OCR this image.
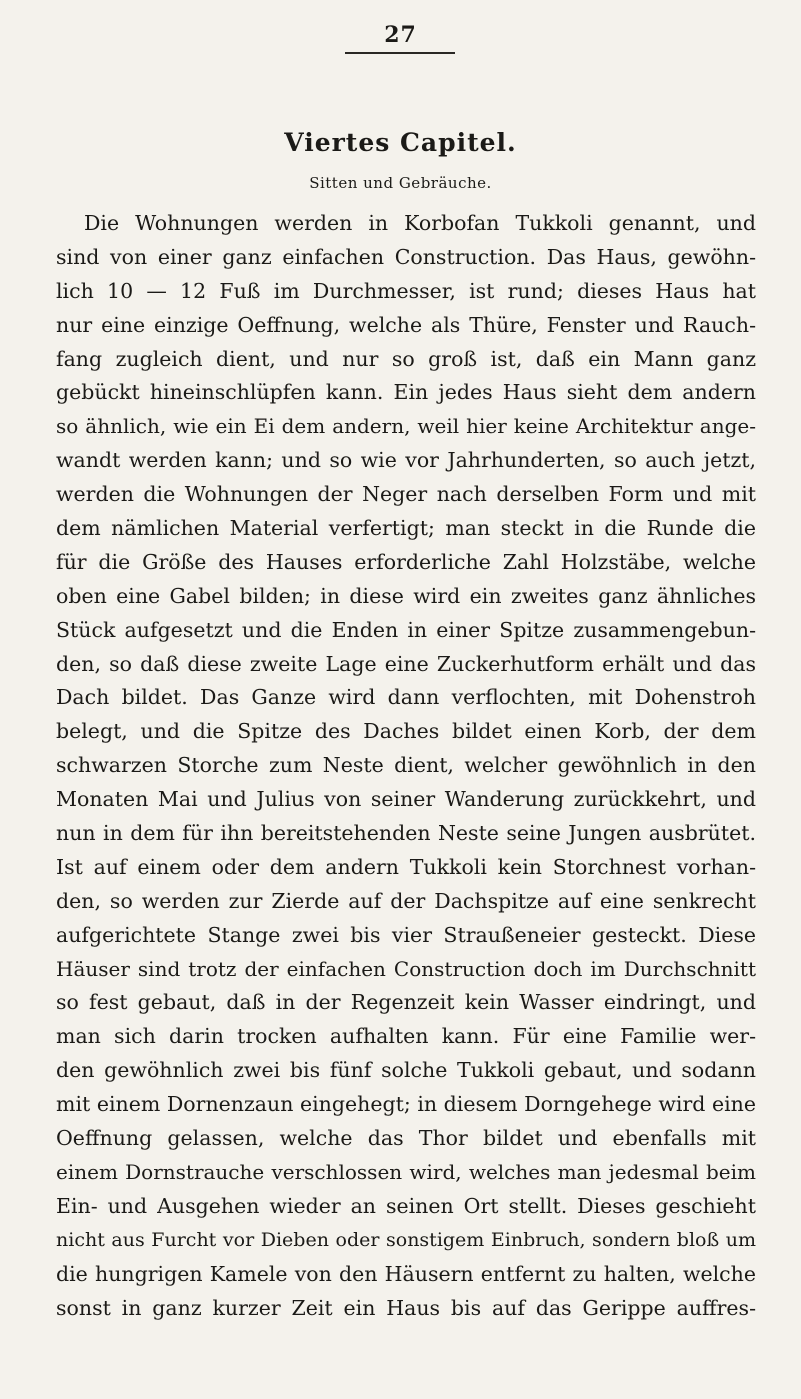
27
Viertes Capitel.
Sitten und Gebräuche.
Die Wohnungen werden in Korbofan Tukkoli genannt, und
sind von einer ganz einfachen Construction. Das Haus, gewöhn-
lich 10 — 12 Fuß im Durchmesser, ist rund; dieses Haus hat
nur eine einzige Oeffnung, welche als Thüre, Fenster und Rauch-
fang zugleich dient, und nur so groß ist, daß ein Mann ganz
gebückt hineinschlüpfen kann. Ein jedes Haus sieht dem andern
so ähnlich, wie ein Ei dem andern, weil hier keine Architektur ange-
wandt werden kann; und so wie vor Jahrhunderten, so auch jetzt,
werden die Wohnungen der Neger nach derselben Form und mit
dem nämlichen Material verfertigt; man steckt in die Runde die
für die Größe des Hauses erforderliche Zahl Holzstäbe, welche
oben eine Gabel bilden; in diese wird ein zweites ganz ähnliches
Stück aufgesetzt und die Enden in einer Spitze zusammengebun-
den, so daß diese zweite Lage eine Zuckerhutform erhält und das
Dach bildet. Das Ganze wird dann verflochten, mit Dohenstroh
belegt, und die Spitze des Daches bildet einen Korb, der dem
schwarzen Storche zum Neste dient, welcher gewöhnlich in den
Monaten Mai und Julius von seiner Wanderung zurückkehrt, und
nun in dem für ihn bereitstehenden Neste seine Jungen ausbrütet.
Ist auf einem oder dem andern Tukkoli kein Storchnest vorhan-
den, so werden zur Zierde auf der Dachspitze auf eine senkrecht
aufgerichtete Stange zwei bis vier Straußeneier gesteckt. Diese
Häuser sind trotz der einfachen Construction doch im Durchschnitt
so fest gebaut, daß in der Regenzeit kein Wasser eindringt, und
man sich darin trocken aufhalten kann. Für eine Familie wer-
den gewöhnlich zwei bis fünf solche Tukkoli gebaut, und sodann
mit einem Dornenzaun eingehegt; in diesem Dorngehege wird eine
Oeffnung gelassen, welche das Thor bildet und ebenfalls mit
einem Dornstrauche verschlossen wird, welches man jedesmal beim
Ein- und Ausgehen wieder an seinen Ort stellt. Dieses geschieht
nicht aus Furcht vor Dieben oder sonstigem Einbruch, sondern bloß um
die hungrigen Kamele von den Häusern entfernt zu halten, welche
sonst in ganz kurzer Zeit ein Haus bis auf das Gerippe auffres-
